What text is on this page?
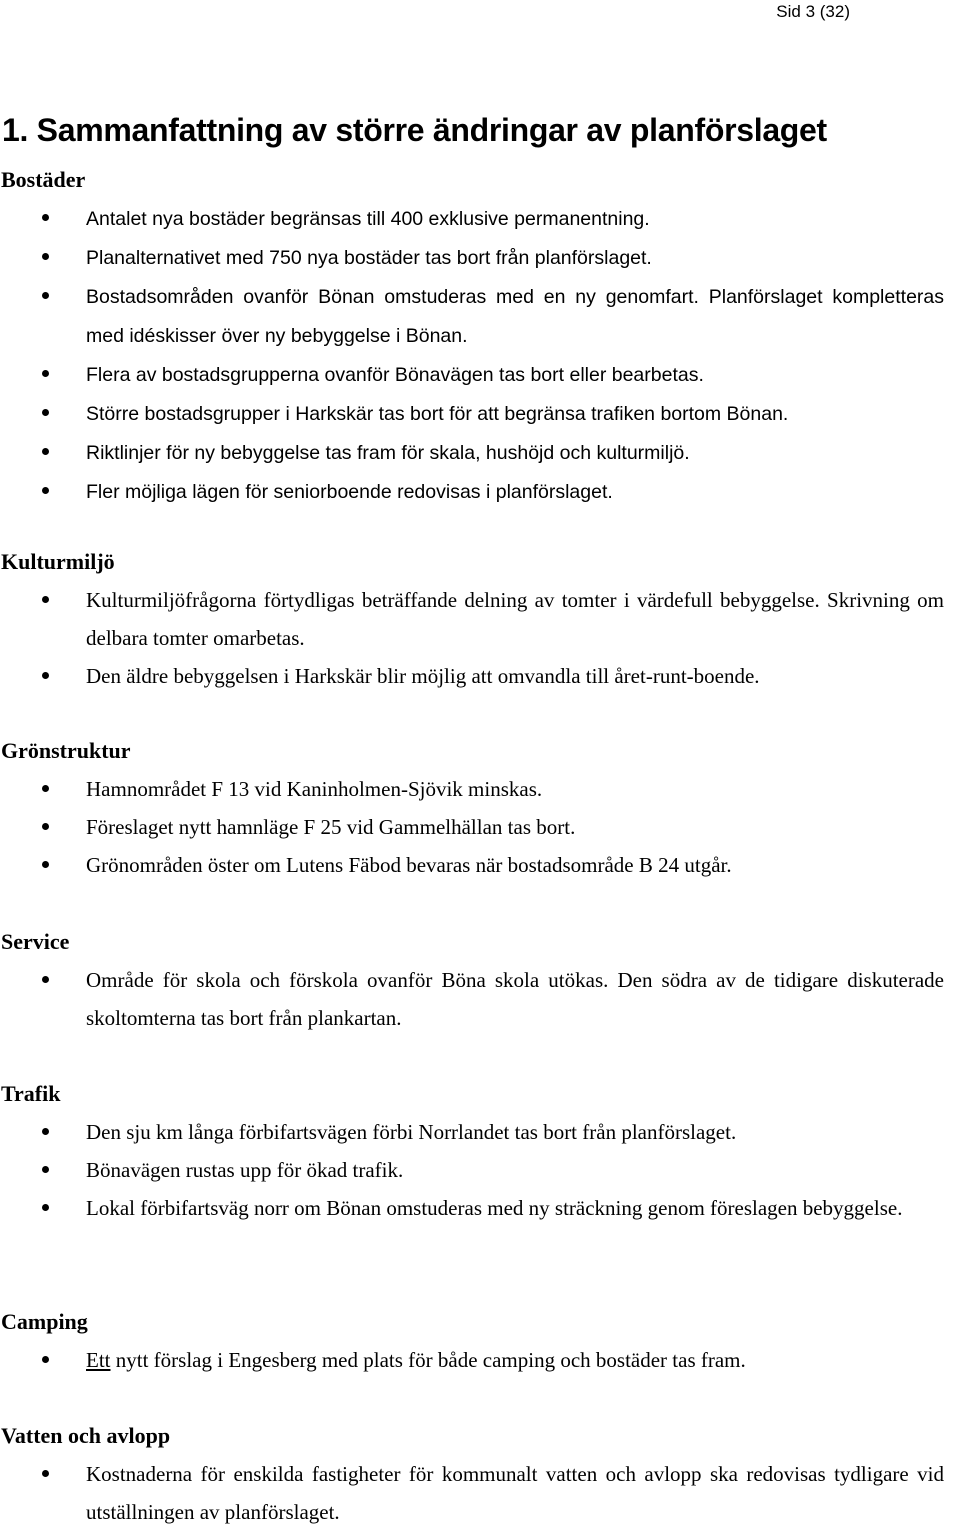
Sid 3 (32)
1. Sammanfattning av större ändringar av planförslaget
Bostäder
Antalet nya bostäder begränsas till 400 exklusive permanentning.
Planalternativet med 750 nya bostäder tas bort från planförslaget.
Bostadsområden ovanför Bönan omstuderas med en ny genomfart. Planförslaget kompletteras med idéskisser över ny bebyggelse i Bönan.
Flera av bostadsgrupperna ovanför Bönavägen tas bort eller bearbetas.
Större bostadsgrupper i Harkskär tas bort för att begränsa trafiken bortom Bönan.
Riktlinjer för ny bebyggelse tas fram för skala, hushöjd och kulturmiljö.
Fler möjliga lägen för seniorboende redovisas i planförslaget.
Kulturmiljö
Kulturmiljöfrågorna förtydligas beträffande delning av tomter i värdefull bebyggelse. Skrivning om delbara tomter omarbetas.
Den äldre bebyggelsen i Harkskär blir möjlig att omvandla till året-runt-boende.
Grönstruktur
Hamnområdet F 13 vid Kaninholmen-Sjövik minskas.
Föreslaget nytt hamnläge F 25 vid Gammelhällan tas bort.
Grönområden öster om Lutens Fäbod bevaras när bostadsområde B 24 utgår.
Service
Område för skola och förskola ovanför Böna skola utökas. Den södra av de tidigare diskuterade skoltomterna tas bort från plankartan.
Trafik
Den sju km långa förbifartsvägen förbi Norrlandet tas bort från planförslaget.
Bönavägen rustas upp för ökad trafik.
Lokal förbifartsväg norr om Bönan omstuderas med ny sträckning genom föreslagen bebyggelse.
Camping
Ett nytt förslag i Engesberg med plats för både camping och bostäder tas fram.
Vatten och avlopp
Kostnaderna för enskilda fastigheter för kommunalt vatten och avlopp ska redovisas tydligare vid utställningen av planförslaget.
